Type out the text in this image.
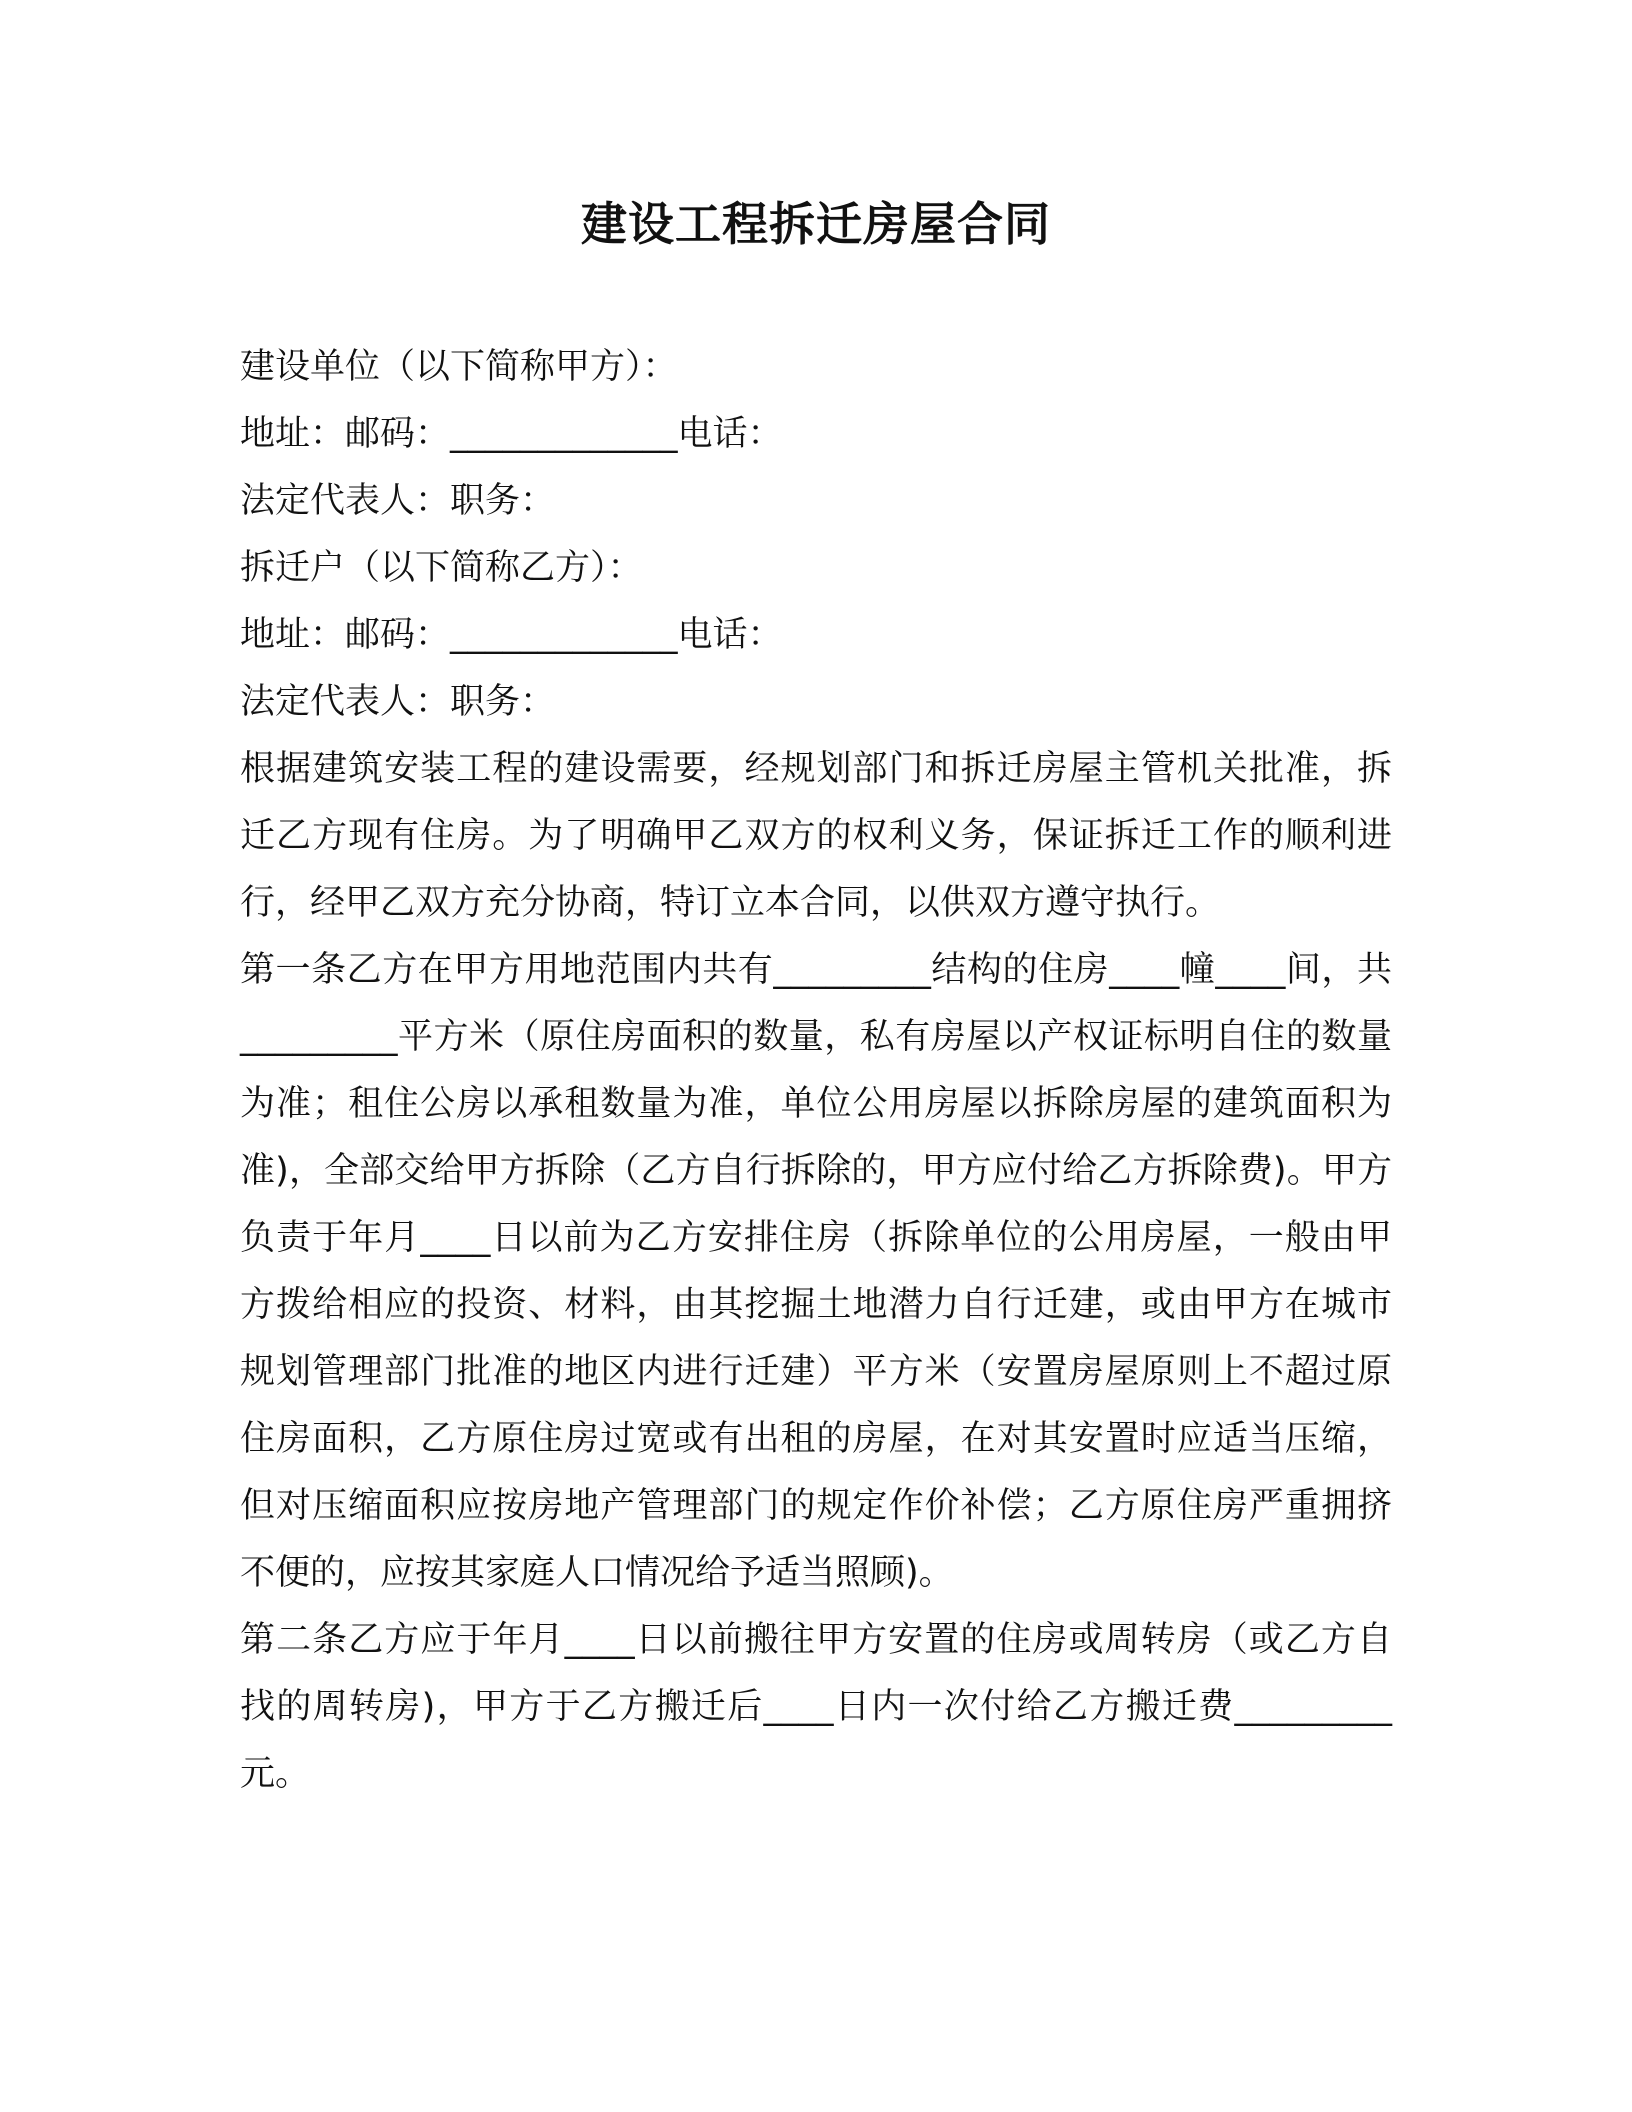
建设工程拆迁房屋合同
建设单位（以下简称甲方）：
地址：邮码：_____________电话：
法定代表人：职务：
拆迁户（以下简称乙方）：
地址：邮码：_____________电话：
法定代表人：职务：

根据建筑安装工程的建设需要，经规划部门和拆迁房屋主管机关批准，拆迁乙方现有住房。为了明确甲乙双方的权利义务，保证拆迁工作的顺利进行，经甲乙双方充分协商，特订立本合同，以供双方遵守执行。

第一条乙方在甲方用地范围内共有_________结构的住房____幢____间，共_________平方米（原住房面积的数量，私有房屋以产权证标明自住的数量为准；租住公房以承租数量为准，单位公用房屋以拆除房屋的建筑面积为准)，全部交给甲方拆除（乙方自行拆除的，甲方应付给乙方拆除费)。甲方负责于年月____日以前为乙方安排住房（拆除单位的公用房屋，一般由甲方拨给相应的投资、材料，由其挖掘土地潜力自行迁建，或由甲方在城市规划管理部门批准的地区内进行迁建）平方米（安置房屋原则上不超过原住房面积，乙方原住房过宽或有出租的房屋，在对其安置时应适当压缩，但对压缩面积应按房地产管理部门的规定作价补偿；乙方原住房严重拥挤不便的，应按其家庭人口情况给予适当照顾)。

第二条乙方应于年月____日以前搬往甲方安置的住房或周转房（或乙方自找的周转房)，甲方于乙方搬迁后____日内一次付给乙方搬迁费_________元。
